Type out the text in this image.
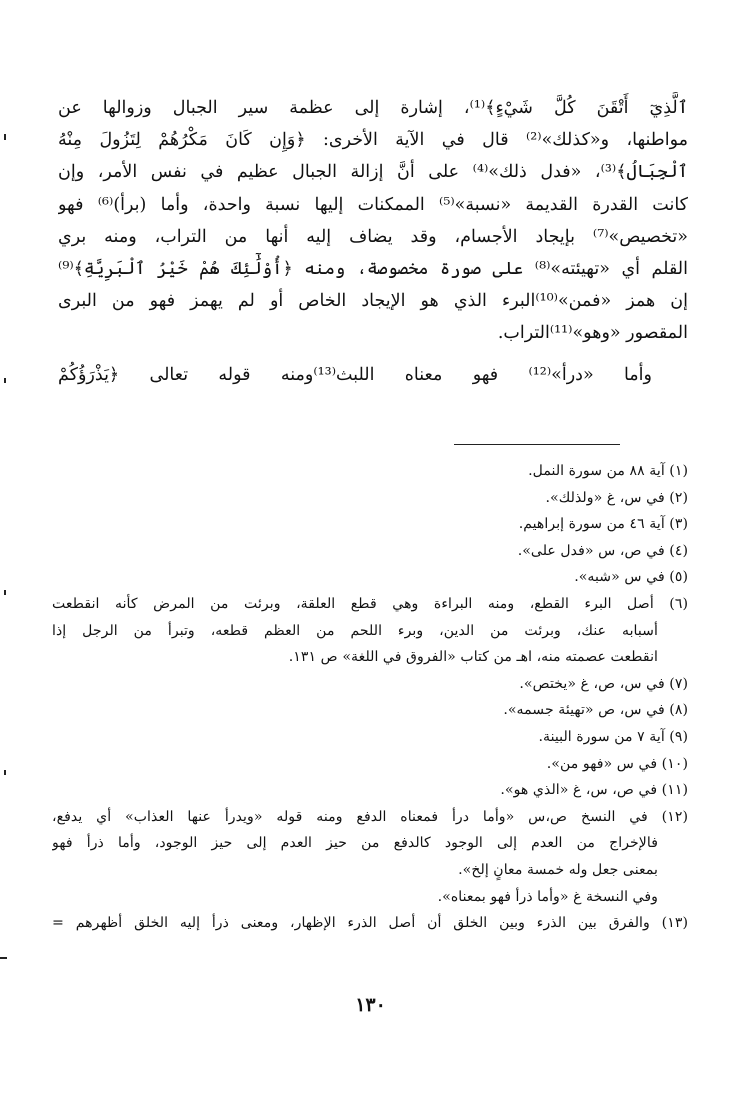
ٱلَّذِيٓ أَتْقَنَ كُلَّ شَيْءٍ﴾⁽¹⁾، إشارة إلى عظمة سير الجبال وزوالها عن
مواطنها، و«كذلك»⁽²⁾ قال في الآية الأخرى: ﴿وَإِن كَانَ مَكْرُهُمْ لِتَزُولَ مِنْهُ
ٱلْجِبَالُ﴾⁽³⁾، «فدل ذلك»⁽⁴⁾ على أنَّ إزالة الجبال عظيم في نفس الأمر، وإن
كانت القدرة القديمة «نسبة»⁽⁵⁾ الممكنات إليها نسبة واحدة، وأما (برأ)⁽⁶⁾ فهو
«تخصيص»⁽⁷⁾ بإيجاد الأجسام، وقد يضاف إليه أنها من التراب، ومنه بري
القلم أي «تهيئته»⁽⁸⁾ على صورة مخصوصة، ومنه ﴿أُوْلَٰٓئِكَ هُمْ خَيْرُ ٱلْبَرِيَّةِ﴾⁽⁹⁾
إن همز «فمن»⁽¹⁰⁾البرء الذي هو الإيجاد الخاص أو لم يهمز فهو من البرى
المقصور «وهو»⁽¹¹⁾التراب.
وأما «درأ»⁽¹²⁾ فهو معناه اللبث⁽¹³⁾ومنه قوله تعالى ﴿يَذْرَؤُكُمْ
(١) آية ٨٨ من سورة النمل.
(٢) في س، غ «ولذلك».
(٣) آية ٤٦ من سورة إبراهيم.
(٤) في ص، س «فدل على».
(٥) في س «شبه».
(٦) أصل البرء القطع، ومنه البراءة وهي قطع العلقة، وبرئت من المرض كأنه انقطعت
أسبابه عنك، وبرئت من الدين، وبرء اللحم من العظم قطعه، وتبرأ من الرجل إذا
انقطعت عصمته منه، اهـ من كتاب «الفروق في اللغة» ص ١٣١.
(٧) في س، ص، غ «يختص».
(٨) في س، ص «تهيئة جسمه».
(٩) آية ٧ من سورة البينة.
(١٠) في س «فهو من».
(١١) في ص، س، غ «الذي هو».
(١٢) في النسخ ص،س «وأما درأ فمعناه الدفع ومنه قوله «ويدرأ عنها العذاب» أي يدفع،
فالإخراج من العدم إلى الوجود كالدفع من حيز العدم إلى حيز الوجود، وأما ذرأ فهو
بمعنى جعل وله خمسة معانٍ إلخ».
وفي النسخة غ «وأما ذرأ فهو بمعناه».
(١٣) والفرق بين الذرء وبين الخلق أن أصل الذرء الإظهار، ومعنى ذرأ إليه الخلق أظهرهم =
١٣٠
